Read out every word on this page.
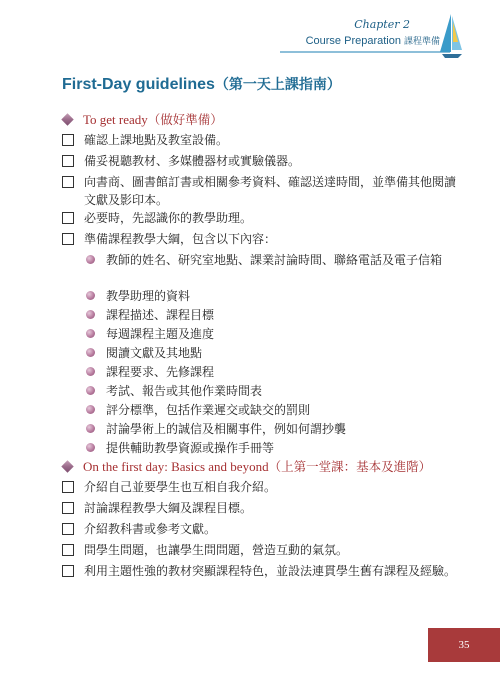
Chapter 2
Course Preparation 課程準備
First-Day guidelines（第一天上課指南）
To get ready（做好準備）
確認上課地點及教室設備。
備妥視聽教材、多媒體器材或實驗儀器。
向書商、圖書館訂書或相關參考資料、確認送達時間，並準備其他閱讀文獻及影印本。
必要時，先認識你的教學助理。
準備課程教學大綱，包含以下內容：
教師的姓名、研究室地點、課業討論時間、聯絡電話及電子信箱
教學助理的資料
課程描述、課程目標
每週課程主題及進度
閱讀文獻及其地點
課程要求、先修課程
考試、報告或其他作業時間表
評分標準，包括作業遲交或缺交的罰則
討論學術上的誠信及相關事件，例如何謂抄襲
提供輔助教學資源或操作手冊等
On the first day: Basics and beyond（上第一堂課：基本及進階）
介紹自己並要學生也互相自我介紹。
討論課程教學大綱及課程目標。
介紹教科書或參考文獻。
問學生問題，也讓學生問問題，營造互動的氣氛。
利用主題性強的教材突顯課程特色，並設法連貫學生舊有課程及經驗。
35
